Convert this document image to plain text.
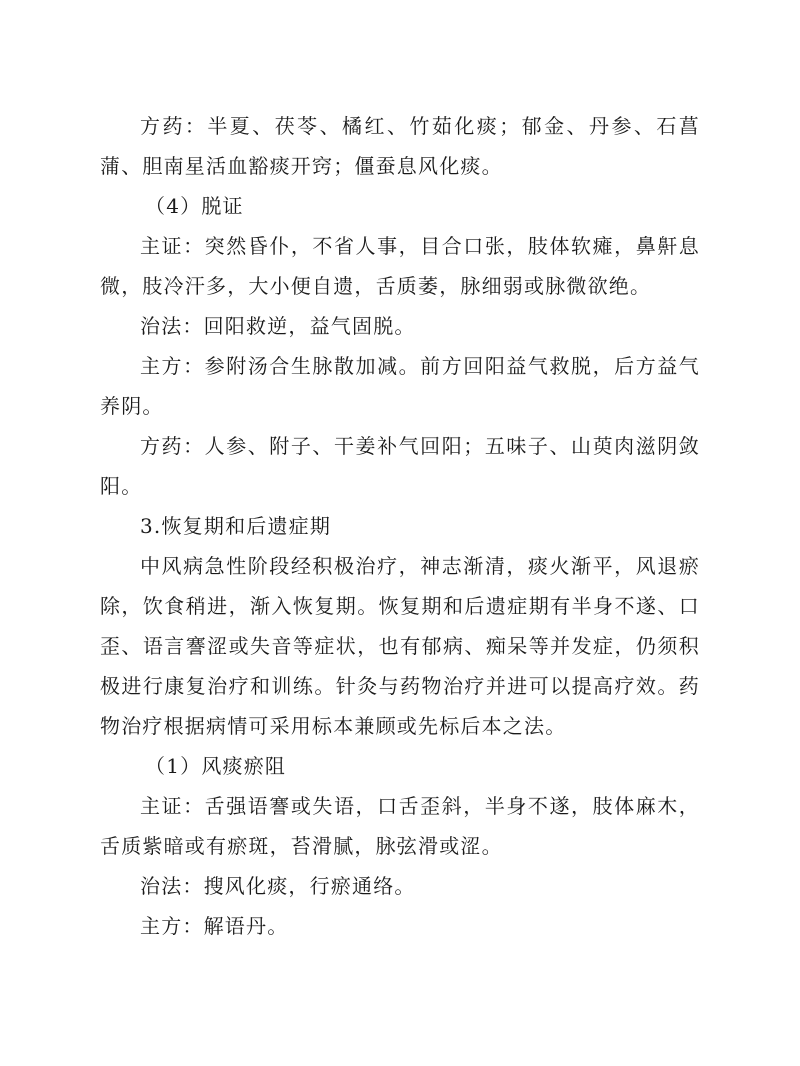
方药：半夏、茯苓、橘红、竹茹化痰；郁金、丹参、石菖蒲、胆南星活血豁痰开窍；僵蚕息风化痰。

（4）脱证

主证：突然昏仆，不省人事，目合口张，肢体软瘫，鼻鼾息微，肢冷汗多，大小便自遗，舌质萎，脉细弱或脉微欲绝。

治法：回阳救逆，益气固脱。

主方：参附汤合生脉散加减。前方回阳益气救脱，后方益气养阴。

方药：人参、附子、干姜补气回阳；五味子、山萸肉滋阴敛阳。

3.恢复期和后遗症期

中风病急性阶段经积极治疗，神志渐清，痰火渐平，风退瘀除，饮食稍进，渐入恢复期。恢复期和后遗症期有半身不遂、口歪、语言謇涩或失音等症状，也有郁病、痴呆等并发症，仍须积极进行康复治疗和训练。针灸与药物治疗并进可以提高疗效。药物治疗根据病情可采用标本兼顾或先标后本之法。

（1）风痰瘀阻

主证：舌强语謇或失语，口舌歪斜，半身不遂，肢体麻木，舌质紫暗或有瘀斑，苔滑腻，脉弦滑或涩。

治法：搜风化痰，行瘀通络。

主方：解语丹。
